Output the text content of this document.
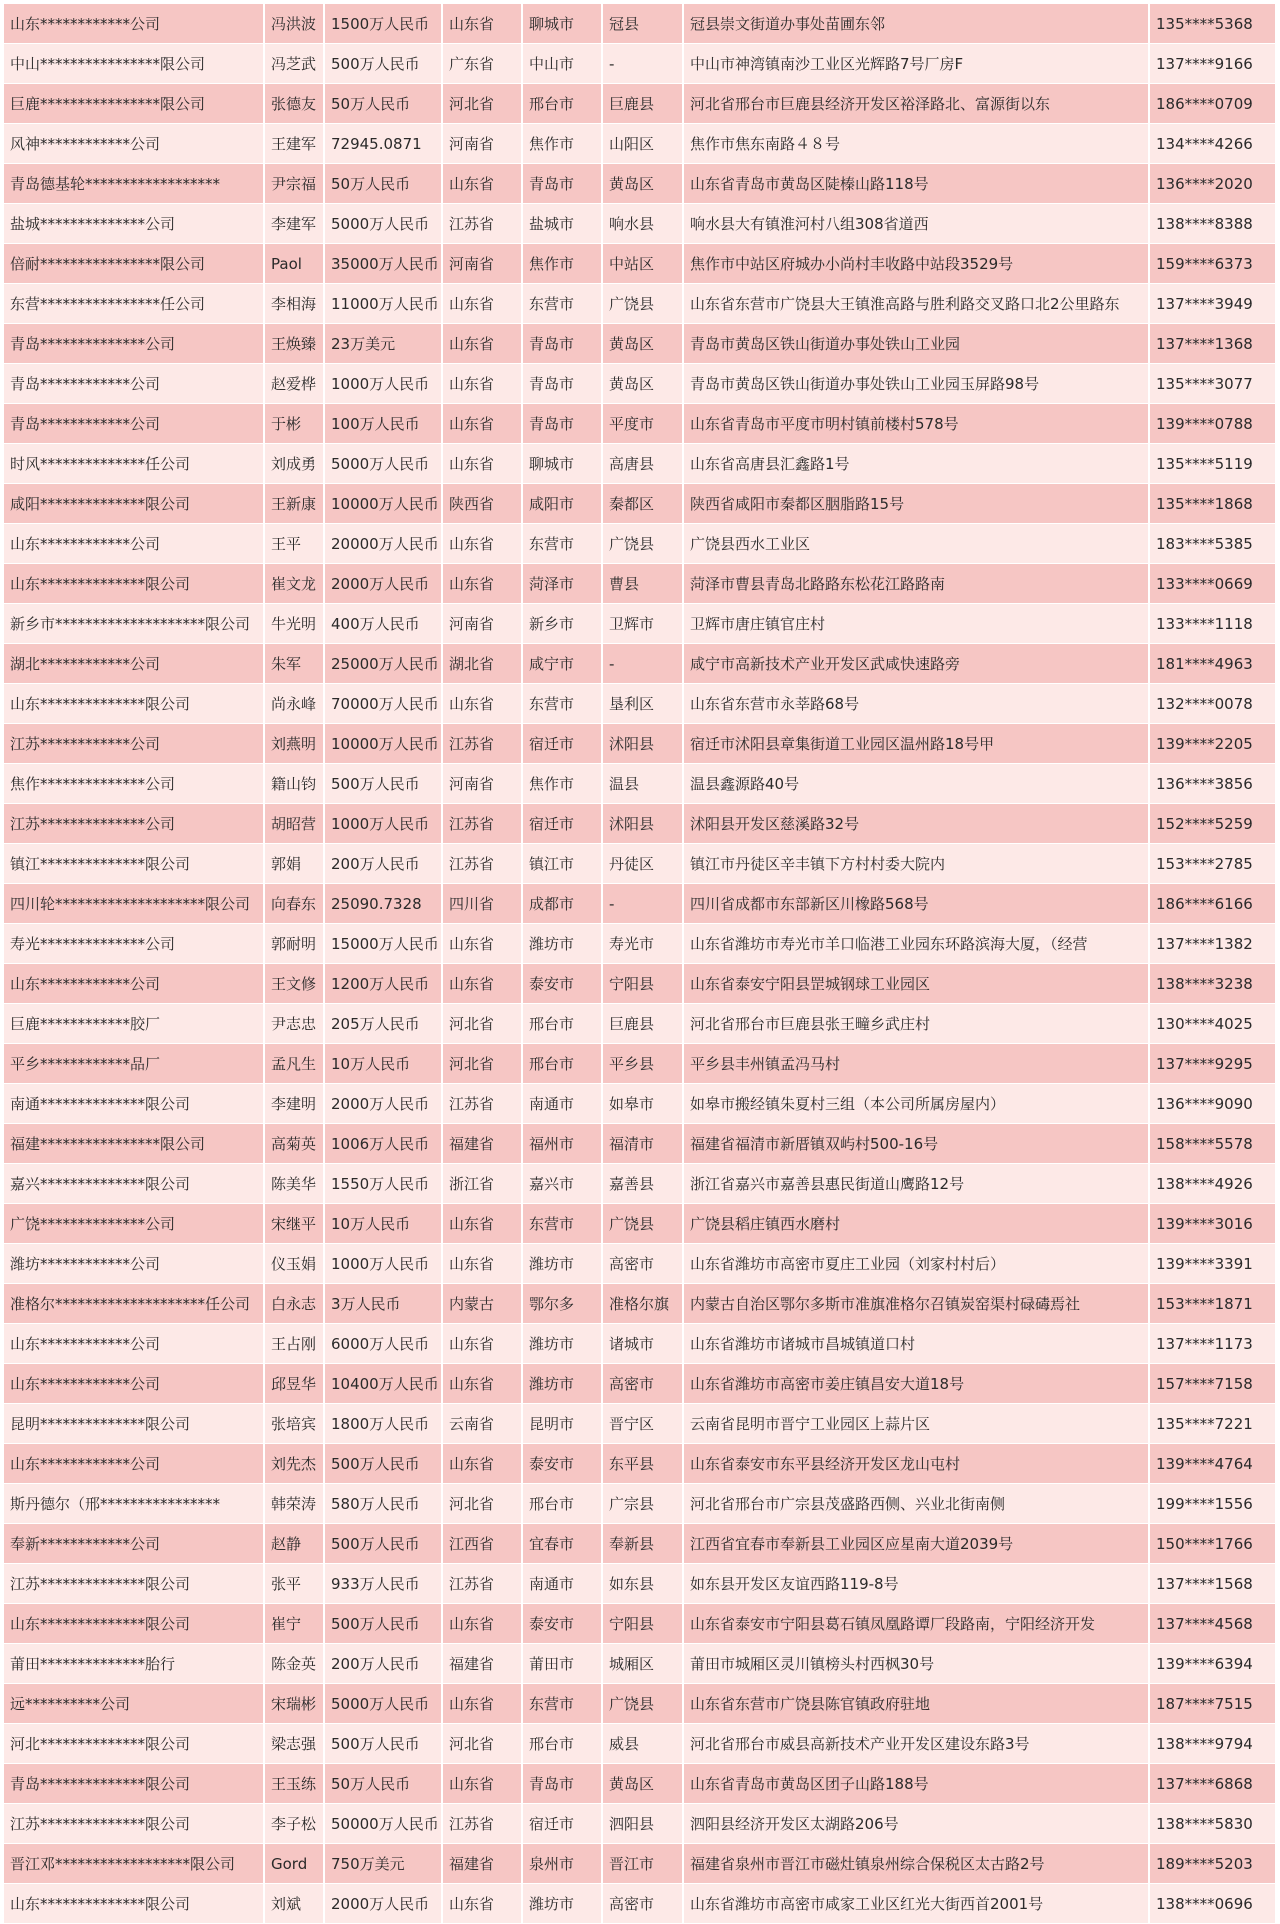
山东************公司	冯洪波	1500万人民币	山东省	聊城市	冠县	冠县崇文街道办事处苗圃东邻	135****5368
中山****************限公司	冯芝武	500万人民币	广东省	中山市	-	中山市神湾镇南沙工业区光辉路7号厂房F	137****9166
巨鹿****************限公司	张德友	50万人民币	河北省	邢台市	巨鹿县	河北省邢台市巨鹿县经济开发区裕泽路北、富源街以东	186****0709
风神************公司	王建军	72945.0871	河南省	焦作市	山阳区	焦作市焦东南路４８号	134****4266
青岛德基轮******************	尹宗福	50万人民币	山东省	青岛市	黄岛区	山东省青岛市黄岛区陡榛山路118号	136****2020
盐城**************公司	李建军	5000万人民币	江苏省	盐城市	响水县	响水县大有镇淮河村八组308省道西	138****8388
倍耐****************限公司	Paol	35000万人民币	河南省	焦作市	中站区	焦作市中站区府城办小尚村丰收路中站段3529号	159****6373
东营****************任公司	李相海	11000万人民币	山东省	东营市	广饶县	山东省东营市广饶县大王镇淮高路与胜利路交叉路口北2公里路东	137****3949
青岛**************公司	王焕臻	23万美元	山东省	青岛市	黄岛区	青岛市黄岛区铁山街道办事处铁山工业园	137****1368
青岛************公司	赵爱桦	1000万人民币	山东省	青岛市	黄岛区	青岛市黄岛区铁山街道办事处铁山工业园玉屏路98号	135****3077
青岛************公司	于彬	100万人民币	山东省	青岛市	平度市	山东省青岛市平度市明村镇前楼村578号	139****0788
时风**************任公司	刘成勇	5000万人民币	山东省	聊城市	高唐县	山东省高唐县汇鑫路1号	135****5119
咸阳**************限公司	王新康	10000万人民币	陕西省	咸阳市	秦都区	陕西省咸阳市秦都区胭脂路15号	135****1868
山东************公司	王平	20000万人民币	山东省	东营市	广饶县	广饶县西水工业区	183****5385
山东**************限公司	崔文龙	2000万人民币	山东省	菏泽市	曹县	菏泽市曹县青岛北路路东松花江路路南	133****0669
新乡市********************限公司	牛光明	400万人民币	河南省	新乡市	卫辉市	卫辉市唐庄镇官庄村	133****1118
湖北************公司	朱军	25000万人民币	湖北省	咸宁市	-	咸宁市高新技术产业开发区武咸快速路旁	181****4963
山东**************限公司	尚永峰	70000万人民币	山东省	东营市	垦利区	山东省东营市永莘路68号	132****0078
江苏************公司	刘燕明	10000万人民币	江苏省	宿迁市	沭阳县	宿迁市沭阳县章集街道工业园区温州路18号甲	139****2205
焦作**************公司	籍山钧	500万人民币	河南省	焦作市	温县	温县鑫源路40号	136****3856
江苏**************公司	胡昭营	1000万人民币	江苏省	宿迁市	沭阳县	沭阳县开发区慈溪路32号	152****5259
镇江**************限公司	郭娟	200万人民币	江苏省	镇江市	丹徒区	镇江市丹徒区辛丰镇下方村村委大院内	153****2785
四川轮********************限公司	向春东	25090.7328	四川省	成都市	-	四川省成都市东部新区川橡路568号	186****6166
寿光**************公司	郭耐明	15000万人民币	山东省	潍坊市	寿光市	山东省潍坊市寿光市羊口临港工业园东环路滨海大厦，（经营	137****1382
山东************公司	王文修	1200万人民币	山东省	泰安市	宁阳县	山东省泰安宁阳县罡城钢球工业园区	138****3238
巨鹿************胶厂	尹志忠	205万人民币	河北省	邢台市	巨鹿县	河北省邢台市巨鹿县张王疃乡武庄村	130****4025
平乡************品厂	孟凡生	10万人民币	河北省	邢台市	平乡县	平乡县丰州镇孟冯马村	137****9295
南通**************限公司	李建明	2000万人民币	江苏省	南通市	如皋市	如皋市搬经镇朱夏村三组（本公司所属房屋内）	136****9090
福建****************限公司	高菊英	1006万人民币	福建省	福州市	福清市	福建省福清市新厝镇双屿村500-16号	158****5578
嘉兴**************限公司	陈美华	1550万人民币	浙江省	嘉兴市	嘉善县	浙江省嘉兴市嘉善县惠民街道山鹰路12号	138****4926
广饶**************公司	宋继平	10万人民币	山东省	东营市	广饶县	广饶县稻庄镇西水磨村	139****3016
潍坊************公司	仪玉娟	1000万人民币	山东省	潍坊市	高密市	山东省潍坊市高密市夏庄工业园（刘家村村后）	139****3391
准格尔********************任公司	白永志	3万人民币	内蒙古	鄂尔多	准格尔旗	内蒙古自治区鄂尔多斯市准旗准格尔召镇炭窑渠村碌碡焉社	153****1871
山东************公司	王占刚	6000万人民币	山东省	潍坊市	诸城市	山东省潍坊市诸城市昌城镇道口村	137****1173
山东************公司	邱昱华	10400万人民币	山东省	潍坊市	高密市	山东省潍坊市高密市姜庄镇昌安大道18号	157****7158
昆明**************限公司	张培宾	1800万人民币	云南省	昆明市	晋宁区	云南省昆明市晋宁工业园区上蒜片区	135****7221
山东************公司	刘先杰	500万人民币	山东省	泰安市	东平县	山东省泰安市东平县经济开发区龙山屯村	139****4764
斯丹德尔（邢****************	韩荣涛	580万人民币	河北省	邢台市	广宗县	河北省邢台市广宗县茂盛路西侧、兴业北街南侧	199****1556
奉新************公司	赵静	500万人民币	江西省	宜春市	奉新县	江西省宜春市奉新县工业园区应星南大道2039号	150****1766
江苏**************限公司	张平	933万人民币	江苏省	南通市	如东县	如东县开发区友谊西路119-8号	137****1568
山东**************限公司	崔宁	500万人民币	山东省	泰安市	宁阳县	山东省泰安市宁阳县葛石镇凤凰路谭厂段路南，宁阳经济开发	137****4568
莆田**************胎行	陈金英	200万人民币	福建省	莆田市	城厢区	莆田市城厢区灵川镇榜头村西枫30号	139****6394
远**********公司	宋瑞彬	5000万人民币	山东省	东营市	广饶县	山东省东营市广饶县陈官镇政府驻地	187****7515
河北**************限公司	梁志强	500万人民币	河北省	邢台市	威县	河北省邢台市威县高新技术产业开发区建设东路3号	138****9794
青岛**************限公司	王玉练	50万人民币	山东省	青岛市	黄岛区	山东省青岛市黄岛区团子山路188号	137****6868
江苏**************限公司	李子松	50000万人民币	江苏省	宿迁市	泗阳县	泗阳县经济开发区太湖路206号	138****5830
晋江邓******************限公司	Gord	750万美元	福建省	泉州市	晋江市	福建省泉州市晋江市磁灶镇泉州综合保税区太古路2号	189****5203
山东**************限公司	刘斌	2000万人民币	山东省	潍坊市	高密市	山东省潍坊市高密市咸家工业区红光大街西首2001号	138****0696
